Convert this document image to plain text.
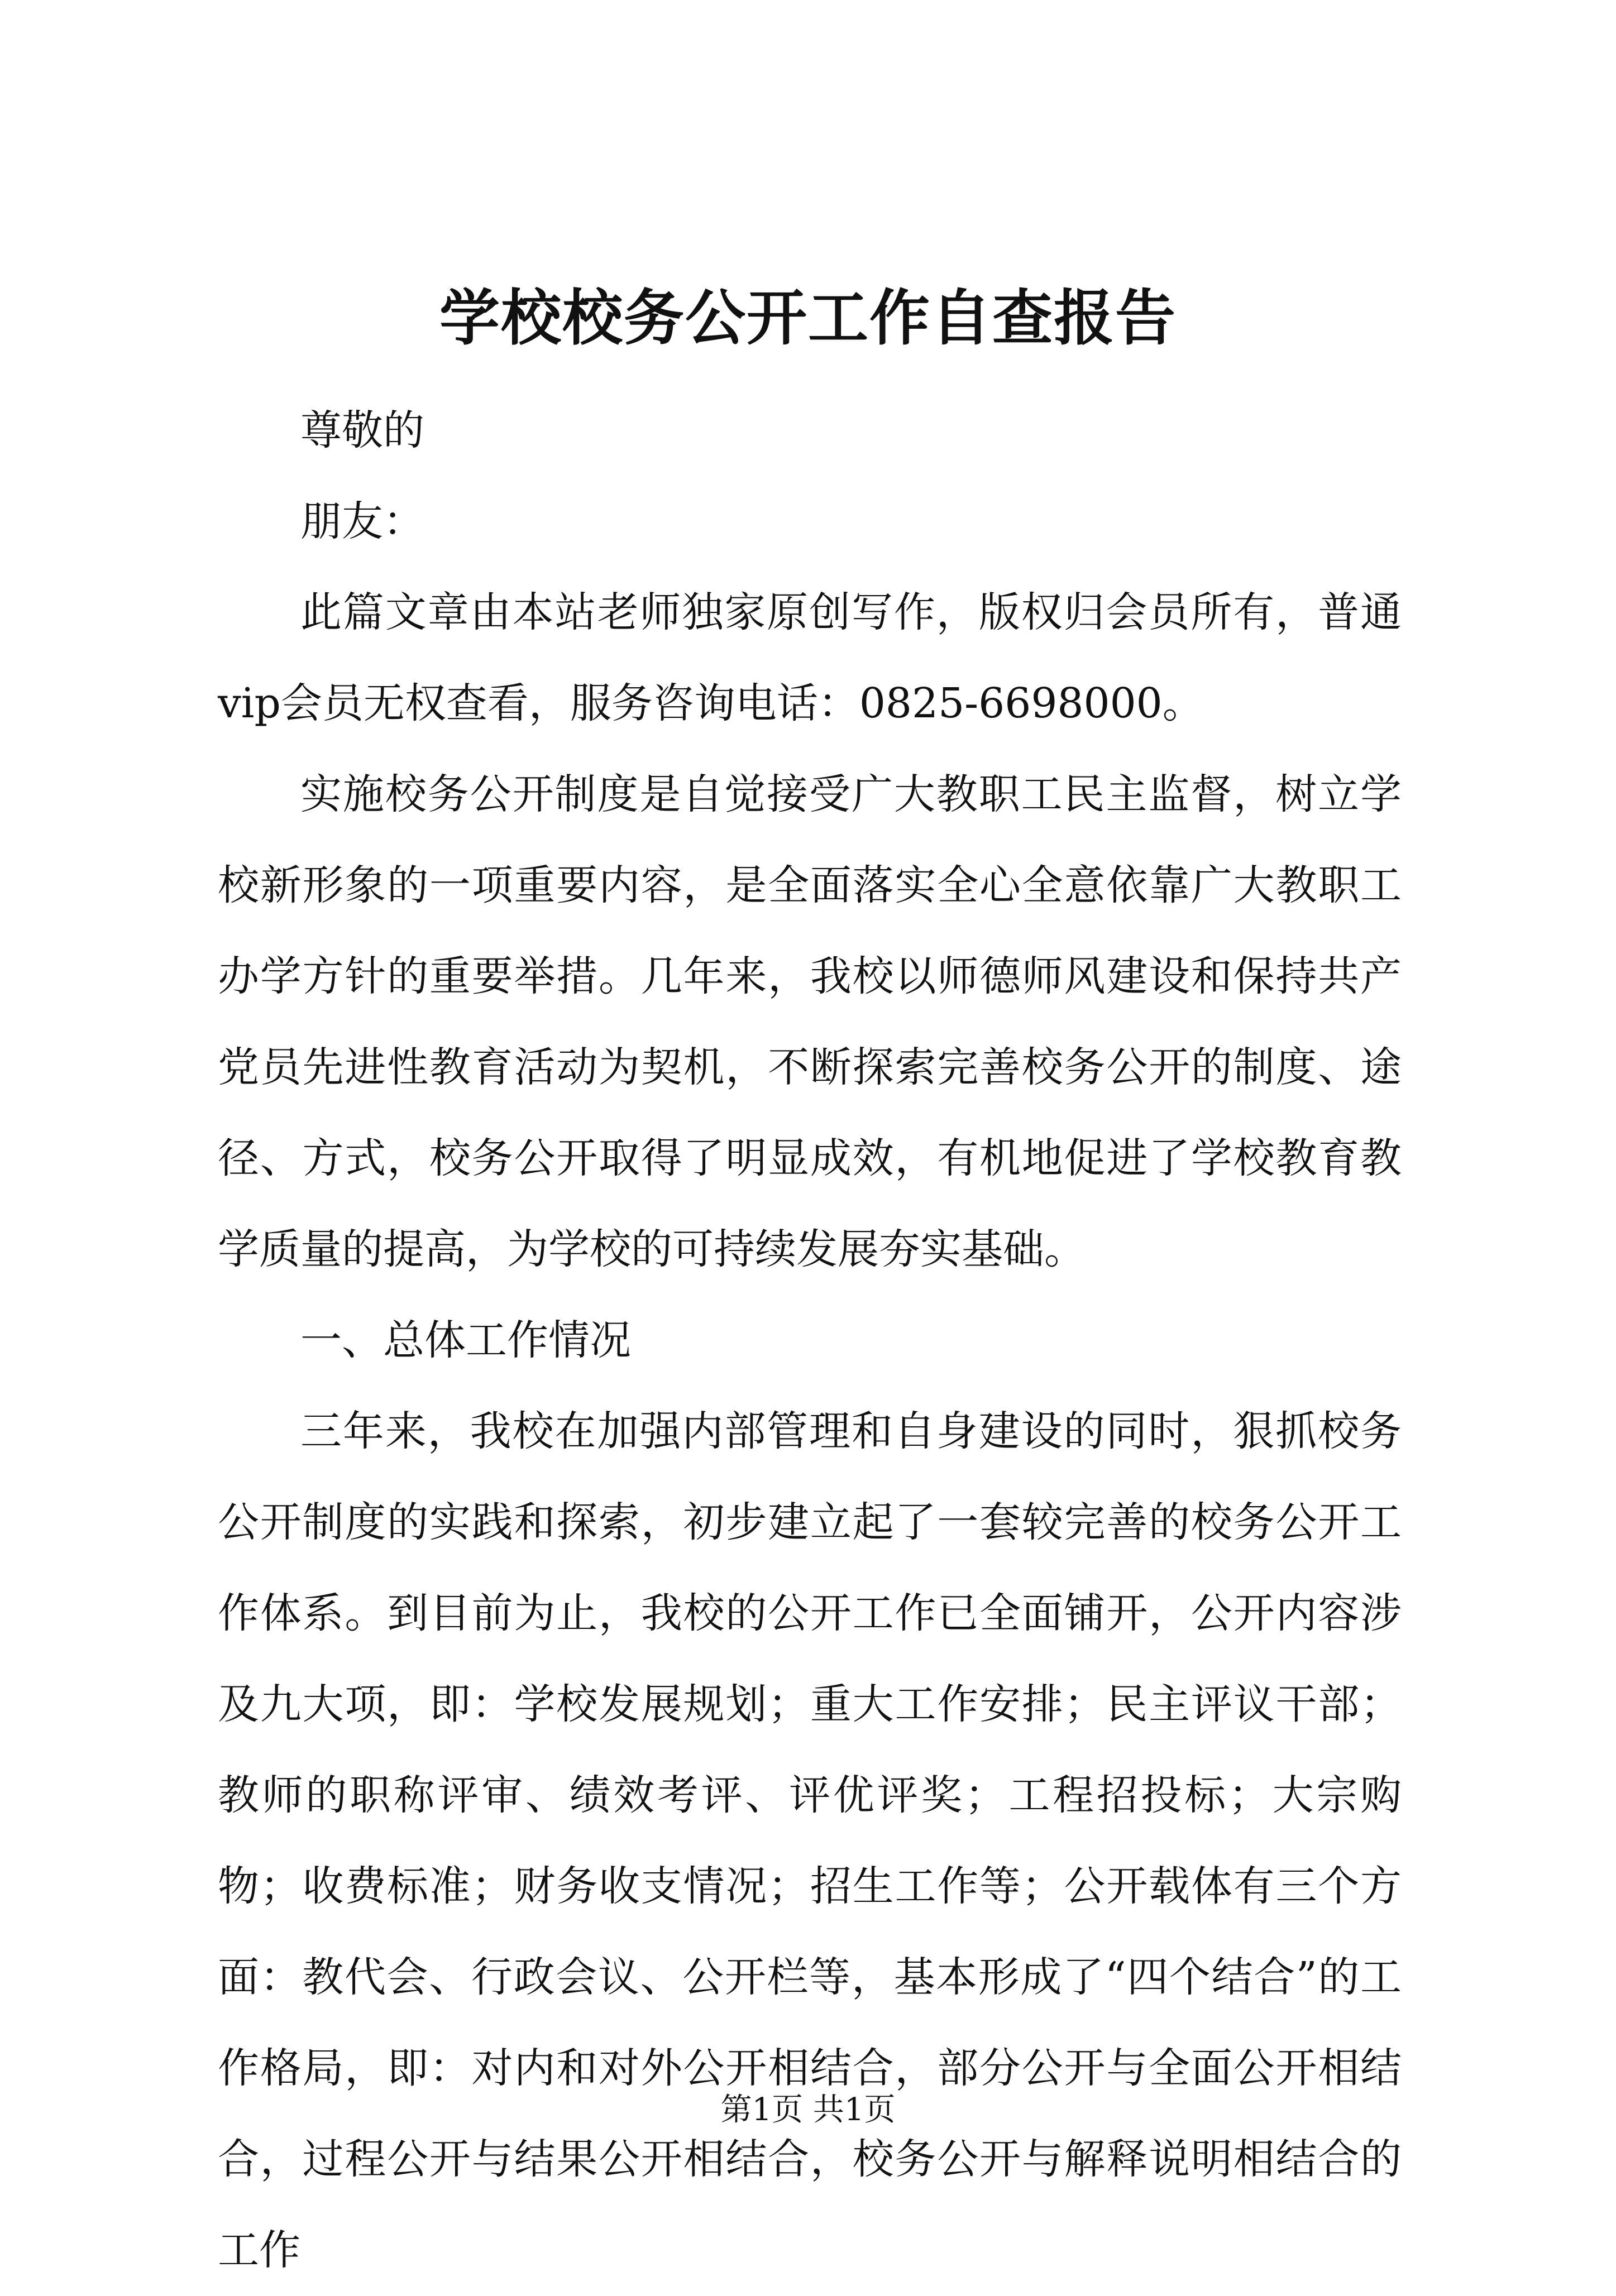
学校校务公开工作自查报告

尊敬的

朋友：

此篇文章由本站老师独家原创写作，版权归会员所有，普通vip会员无权查看，服务咨询电话：0825-6698000。

实施校务公开制度是自觉接受广大教职工民主监督，树立学校新形象的一项重要内容，是全面落实全心全意依靠广大教职工办学方针的重要举措。几年来，我校以师德师风建设和保持共产党员先进性教育活动为契机，不断探索完善校务公开的制度、途径、方式，校务公开取得了明显成效，有机地促进了学校教育教学质量的提高，为学校的可持续发展夯实基础。

一、总体工作情况

三年来，我校在加强内部管理和自身建设的同时，狠抓校务公开制度的实践和探索，初步建立起了一套较完善的校务公开工作体系。到目前为止，我校的公开工作已全面铺开，公开内容涉及九大项，即：学校发展规划；重大工作安排；民主评议干部；教师的职称评审、绩效考评、评优评奖；工程招投标；大宗购物；收费标准；财务收支情况；招生工作等；公开载体有三个方面：教代会、行政会议、公开栏等，基本形成了“四个结合”的工作格局，即：对内和对外公开相结合，部分公开与全面公开相结合，过程公开与结果公开相结合，校务公开与解释说明相结合的工作

第1页 共1页
